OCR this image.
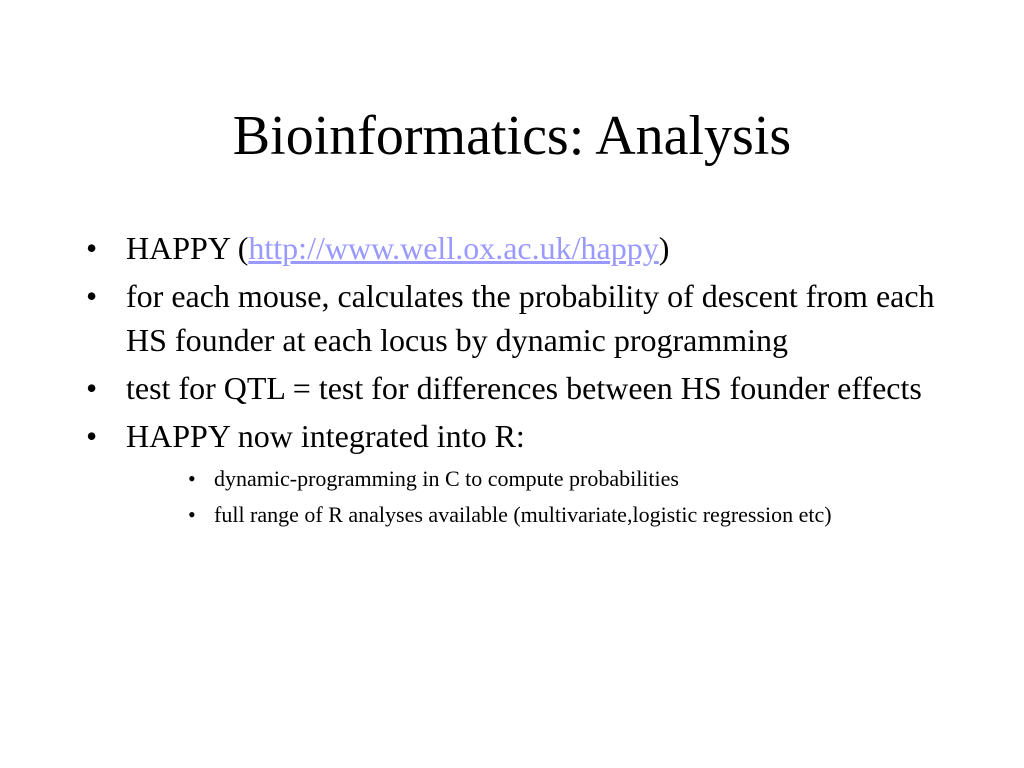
Bioinformatics: Analysis
• HAPPY (http://www.well.ox.ac.uk/happy)
• for each mouse, calculates the probability of descent from each HS founder at each locus by dynamic programming
• test for QTL = test for differences between HS founder effects
• HAPPY now integrated into R:
• dynamic-programming in C to compute probabilities
• full range of R analyses available (multivariate,logistic regression etc)
